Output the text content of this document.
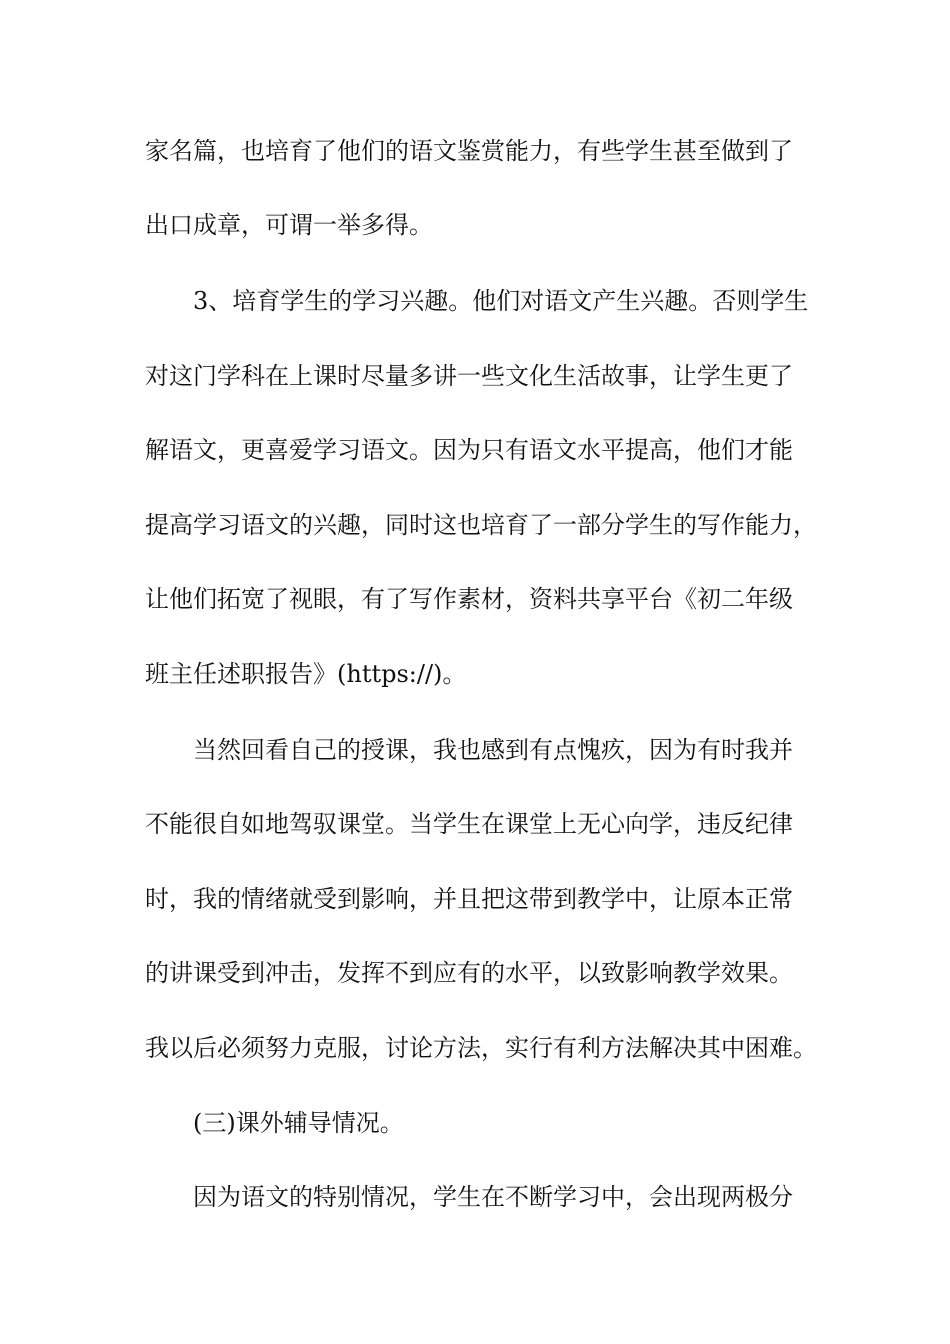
家名篇，也培育了他们的语文鉴赏能力，有些学生甚至做到了
出口成章，可谓一举多得。
3、培育学生的学习兴趣。他们对语文产生兴趣。否则学生
对这门学科在上课时尽量多讲一些文化生活故事，让学生更了
解语文，更喜爱学习语文。因为只有语文水平提高，他们才能
提高学习语文的兴趣，同时这也培育了一部分学生的写作能力，
让他们拓宽了视眼，有了写作素材，资料共享平台《初二年级
班主任述职报告》(https://)。
当然回看自己的授课，我也感到有点愧疚，因为有时我并
不能很自如地驾驭课堂。当学生在课堂上无心向学，违反纪律
时，我的情绪就受到影响，并且把这带到教学中，让原本正常
的讲课受到冲击，发挥不到应有的水平，以致影响教学效果。
我以后必须努力克服，讨论方法，实行有利方法解决其中困难。
(三)课外辅导情况。
因为语文的特别情况，学生在不断学习中，会出现两极分
